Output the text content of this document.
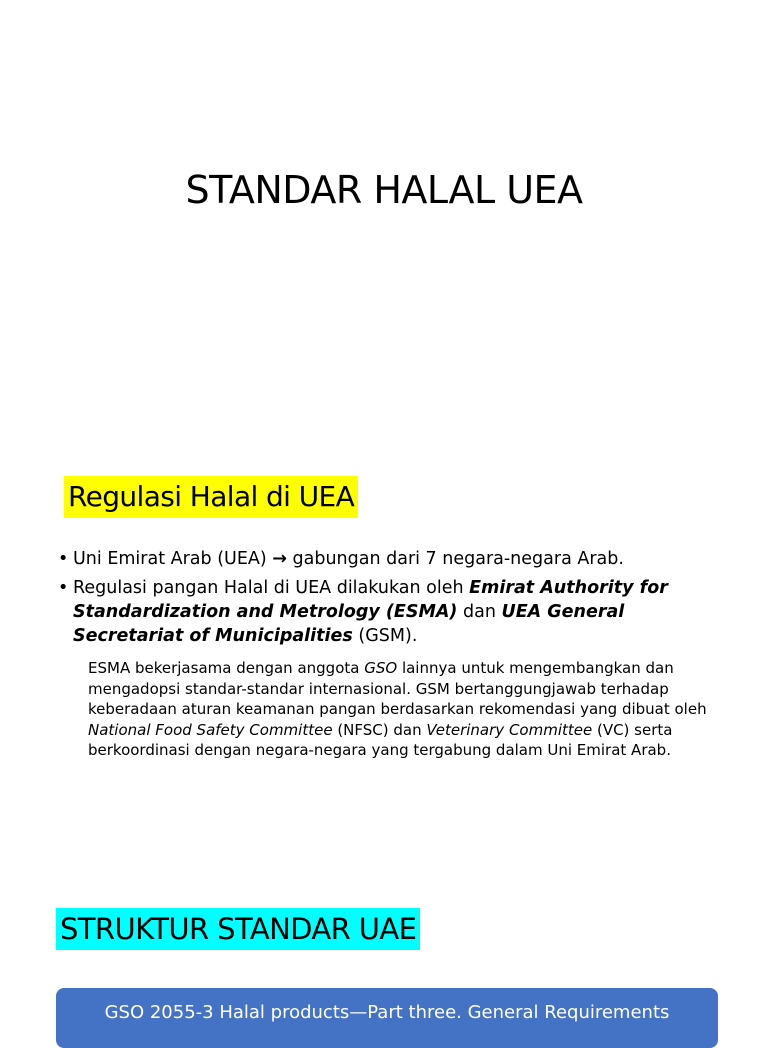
STANDAR HALAL UEA
Regulasi Halal di UEA
• Uni Emirat Arab (UEA) → gabungan dari 7 negara-negara Arab.
• Regulasi pangan Halal di UEA dilakukan oleh Emirat Authority for Standardization and Metrology (ESMA) dan UEA General Secretariat of Municipalities (GSM).
ESMA bekerjasama dengan anggota GSO lainnya untuk mengembangkan dan mengadopsi standar-standar internasional. GSM bertanggungjawab terhadap keberadaan aturan keamanan pangan berdasarkan rekomendasi yang dibuat oleh National Food Safety Committee (NFSC) dan Veterinary Committee (VC) serta berkoordinasi dengan negara-negara yang tergabung dalam Uni Emirat Arab.
STRUKTUR STANDAR UAE
GSO 2055-3 Halal products—Part three. General Requirements
